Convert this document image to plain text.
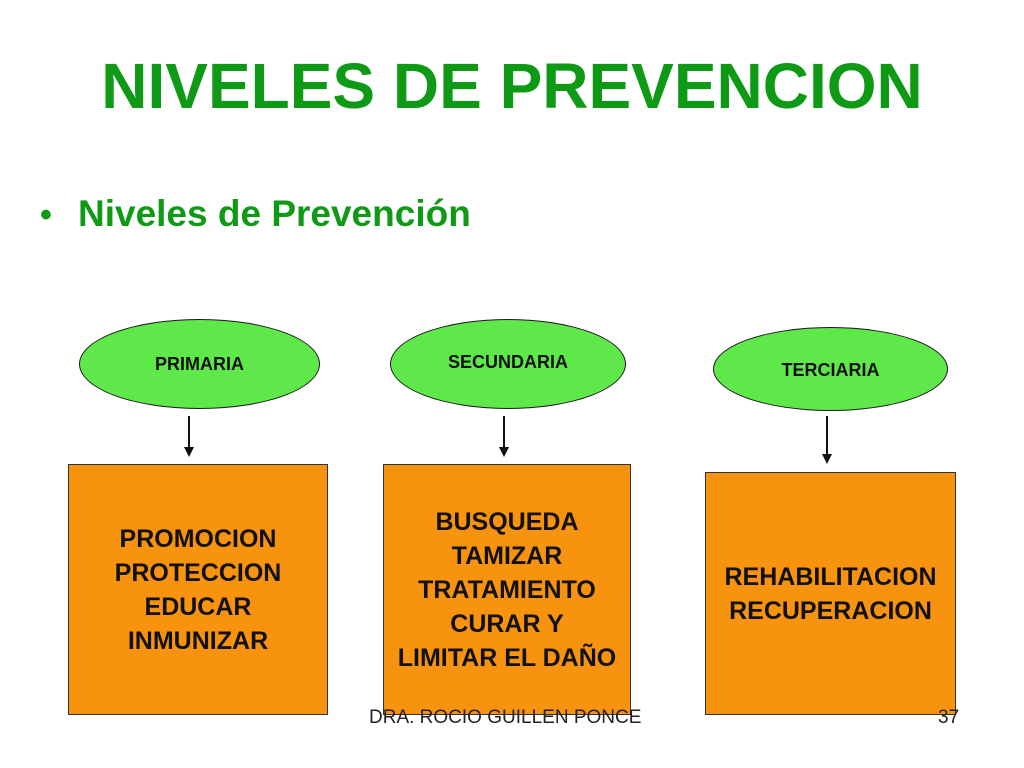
NIVELES DE PREVENCION
• Niveles de Prevención
PRIMARIA
PROMOCION
PROTECCION
EDUCAR
INMUNIZAR
SECUNDARIA
BUSQUEDA
TAMIZAR
TRATAMIENTO
CURAR Y
LIMITAR EL DAÑO
TERCIARIA
REHABILITACION
RECUPERACION
DRA. ROCIO GUILLEN PONCE	37
